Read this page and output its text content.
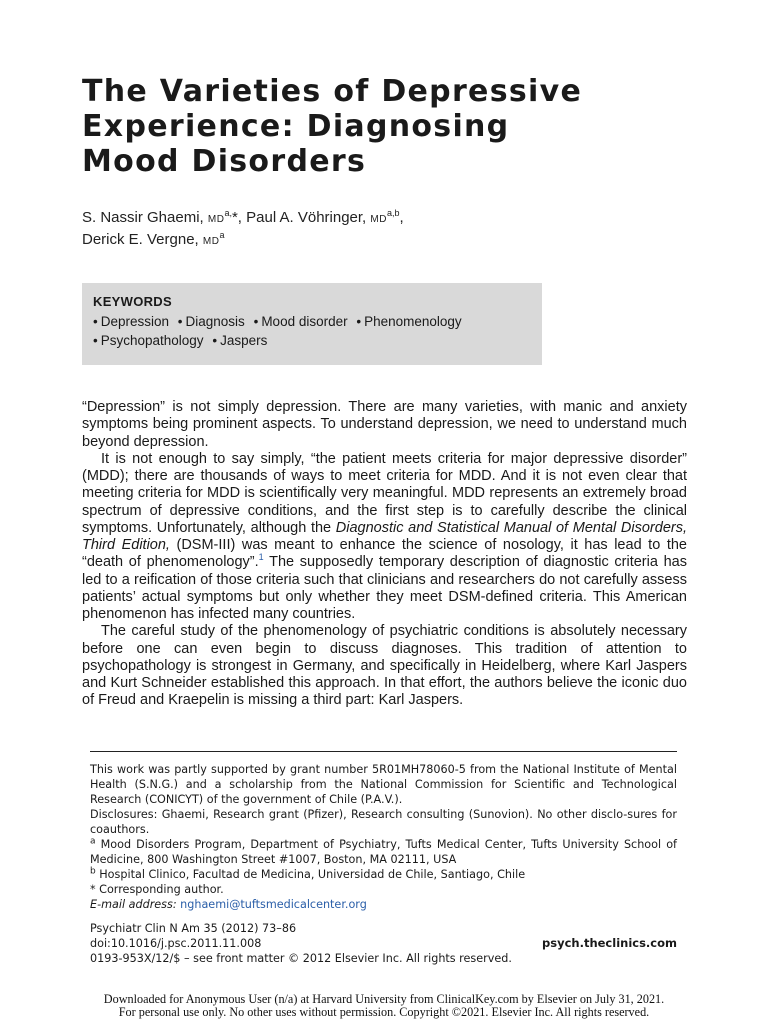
The Varieties of Depressive
Experience: Diagnosing
Mood Disorders
S. Nassir Ghaemi, $MD^{a,}*$, Paul A. Vöhringer, MD$^{a,b}$,
Derick E. Vergne, $MD^a$
KEYWORDS
• Depression • Diagnosis • Mood disorder • Phenomenology
• Psychopathology • Jaspers

“Depression” is not simply depression. There are many varieties, with manic and anxiety symptoms being prominent aspects. To understand depression, we need to understand much beyond depression.

It is not enough to say simply, “the patient meets criteria for major depressive disorder” (MDD); there are thousands of ways to meet criteria for MDD. And it is not even clear that meeting criteria for MDD is scientifically very meaningful. MDD represents an extremely broad spectrum of depressive conditions, and the first step is to carefully describe the clinical symptoms. Unfortunately, although the Diagnostic and Statistical Manual of Mental Disorders, Third Edition, (DSM-III) was meant to enhance the science of nosology, it has lead to the “death of phenomenology”.$^1$ The supposedly temporary description of diagnostic criteria has led to a reification of those criteria such that clinicians and researchers do not carefully assess patients’ actual symptoms but only whether they meet DSM-defined criteria. This American phenomenon has infected many countries.

The careful study of the phenomenology of psychiatric conditions is absolutely necessary before one can even begin to discuss diagnoses. This tradition of attention to psychopathology is strongest in Germany, and specifically in Heidelberg, where Karl Jaspers and Kurt Schneider established this approach. In that effort, the authors believe the iconic duo of Freud and Kraepelin is missing a third part: Karl Jaspers.

This work was partly supported by grant number 5R01MH78060-5 from the National Institute of Mental Health (S.N.G.) and a scholarship from the National Commission for Scientific and Technological Research (CONICYT) of the government of Chile (P.A.V.).

Disclosures: Ghaemi, Research grant (Pfizer), Research consulting (Sunovion). No other disclo-sures for coauthors.

$^a$ Mood Disorders Program, Department of Psychiatry, Tufts Medical Center, Tufts University School of Medicine, 800 Washington Street #1007, Boston, MA 02111, USA

$^b$ Hospital Clinico, Facultad de Medicina, Universidad de Chile, Santiago, Chile

* Corresponding author.

E-mail address: nghaemi@tuftsmedicalcenter.org

Psychiatr Clin N Am 35 (2012) 73–86
doi:10.1016/j.psc.2011.11.008	psych.theclinics.com
0193-953X/12/$ – see front matter © 2012 Elsevier Inc. All rights reserved.
Downloaded for Anonymous User (n/a) at Harvard University from ClinicalKey.com by Elsevier on July 31, 2021.
For personal use only. No other uses without permission. Copyright ©2021. Elsevier Inc. All rights reserved.
